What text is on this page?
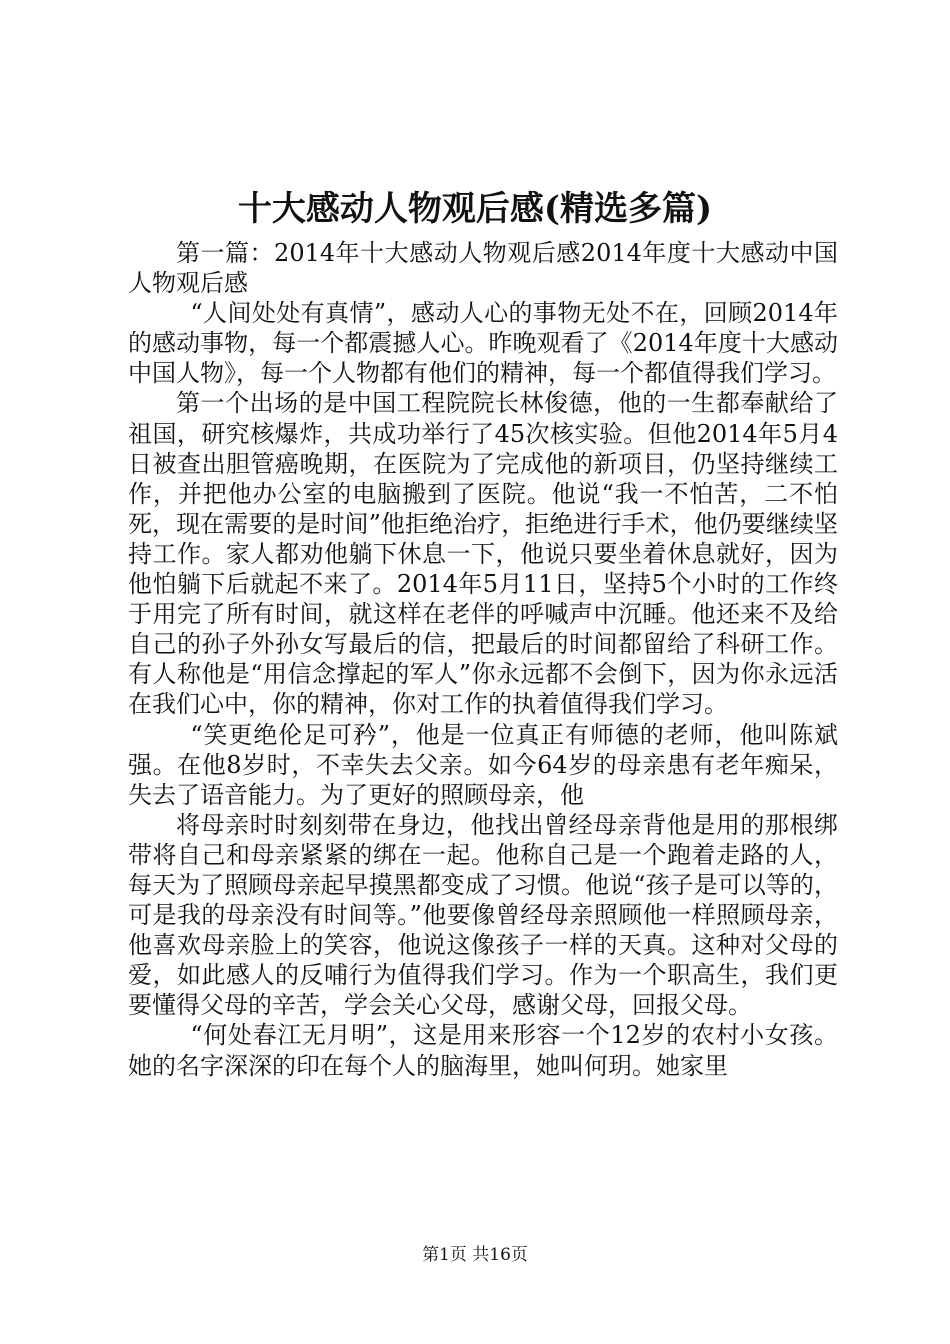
十大感动人物观后感(精选多篇)

第一篇：2014年十大感动人物观后感2014年度十大感动中国人物观后感

“人间处处有真情”，感动人心的事物无处不在，回顾2014年的感动事物，每一个都震撼人心。昨晚观看了《2014年度十大感动中国人物》，每一个人物都有他们的精神，每一个都值得我们学习。

第一个出场的是中国工程院院长林俊德，他的一生都奉献给了祖国，研究核爆炸，共成功举行了45次核实验。但他2014年5月4日被查出胆管癌晚期，在医院为了完成他的新项目，仍坚持继续工作，并把他办公室的电脑搬到了医院。他说“我一不怕苦，二不怕死，现在需要的是时间”他拒绝治疗，拒绝进行手术，他仍要继续坚持工作。家人都劝他躺下休息一下，他说只要坐着休息就好，因为他怕躺下后就起不来了。2014年5月11日，坚持5个小时的工作终于用完了所有时间，就这样在老伴的呼喊声中沉睡。他还来不及给自己的孙子外孙女写最后的信，把最后的时间都留给了科研工作。有人称他是“用信念撑起的军人”你永远都不会倒下，因为你永远活在我们心中，你的精神，你对工作的执着值得我们学习。

“笑更绝伦足可矜”，他是一位真正有师德的老师，他叫陈斌强。在他8岁时，不幸失去父亲。如今64岁的母亲患有老年痴呆，失去了语音能力。为了更好的照顾母亲，他

将母亲时时刻刻带在身边，他找出曾经母亲背他是用的那根绑带将自己和母亲紧紧的绑在一起。他称自己是一个跑着走路的人，每天为了照顾母亲起早摸黑都变成了习惯。他说“孩子是可以等的，可是我的母亲没有时间等。”他要像曾经母亲照顾他一样照顾母亲，他喜欢母亲脸上的笑容，他说这像孩子一样的天真。这种对父母的爱，如此感人的反哺行为值得我们学习。作为一个职高生，我们更要懂得父母的辛苦，学会关心父母，感谢父母，回报父母。

“何处春江无月明”，这是用来形容一个12岁的农村小女孩。她的名字深深的印在每个人的脑海里，她叫何玥。她家里

第1页 共16页
